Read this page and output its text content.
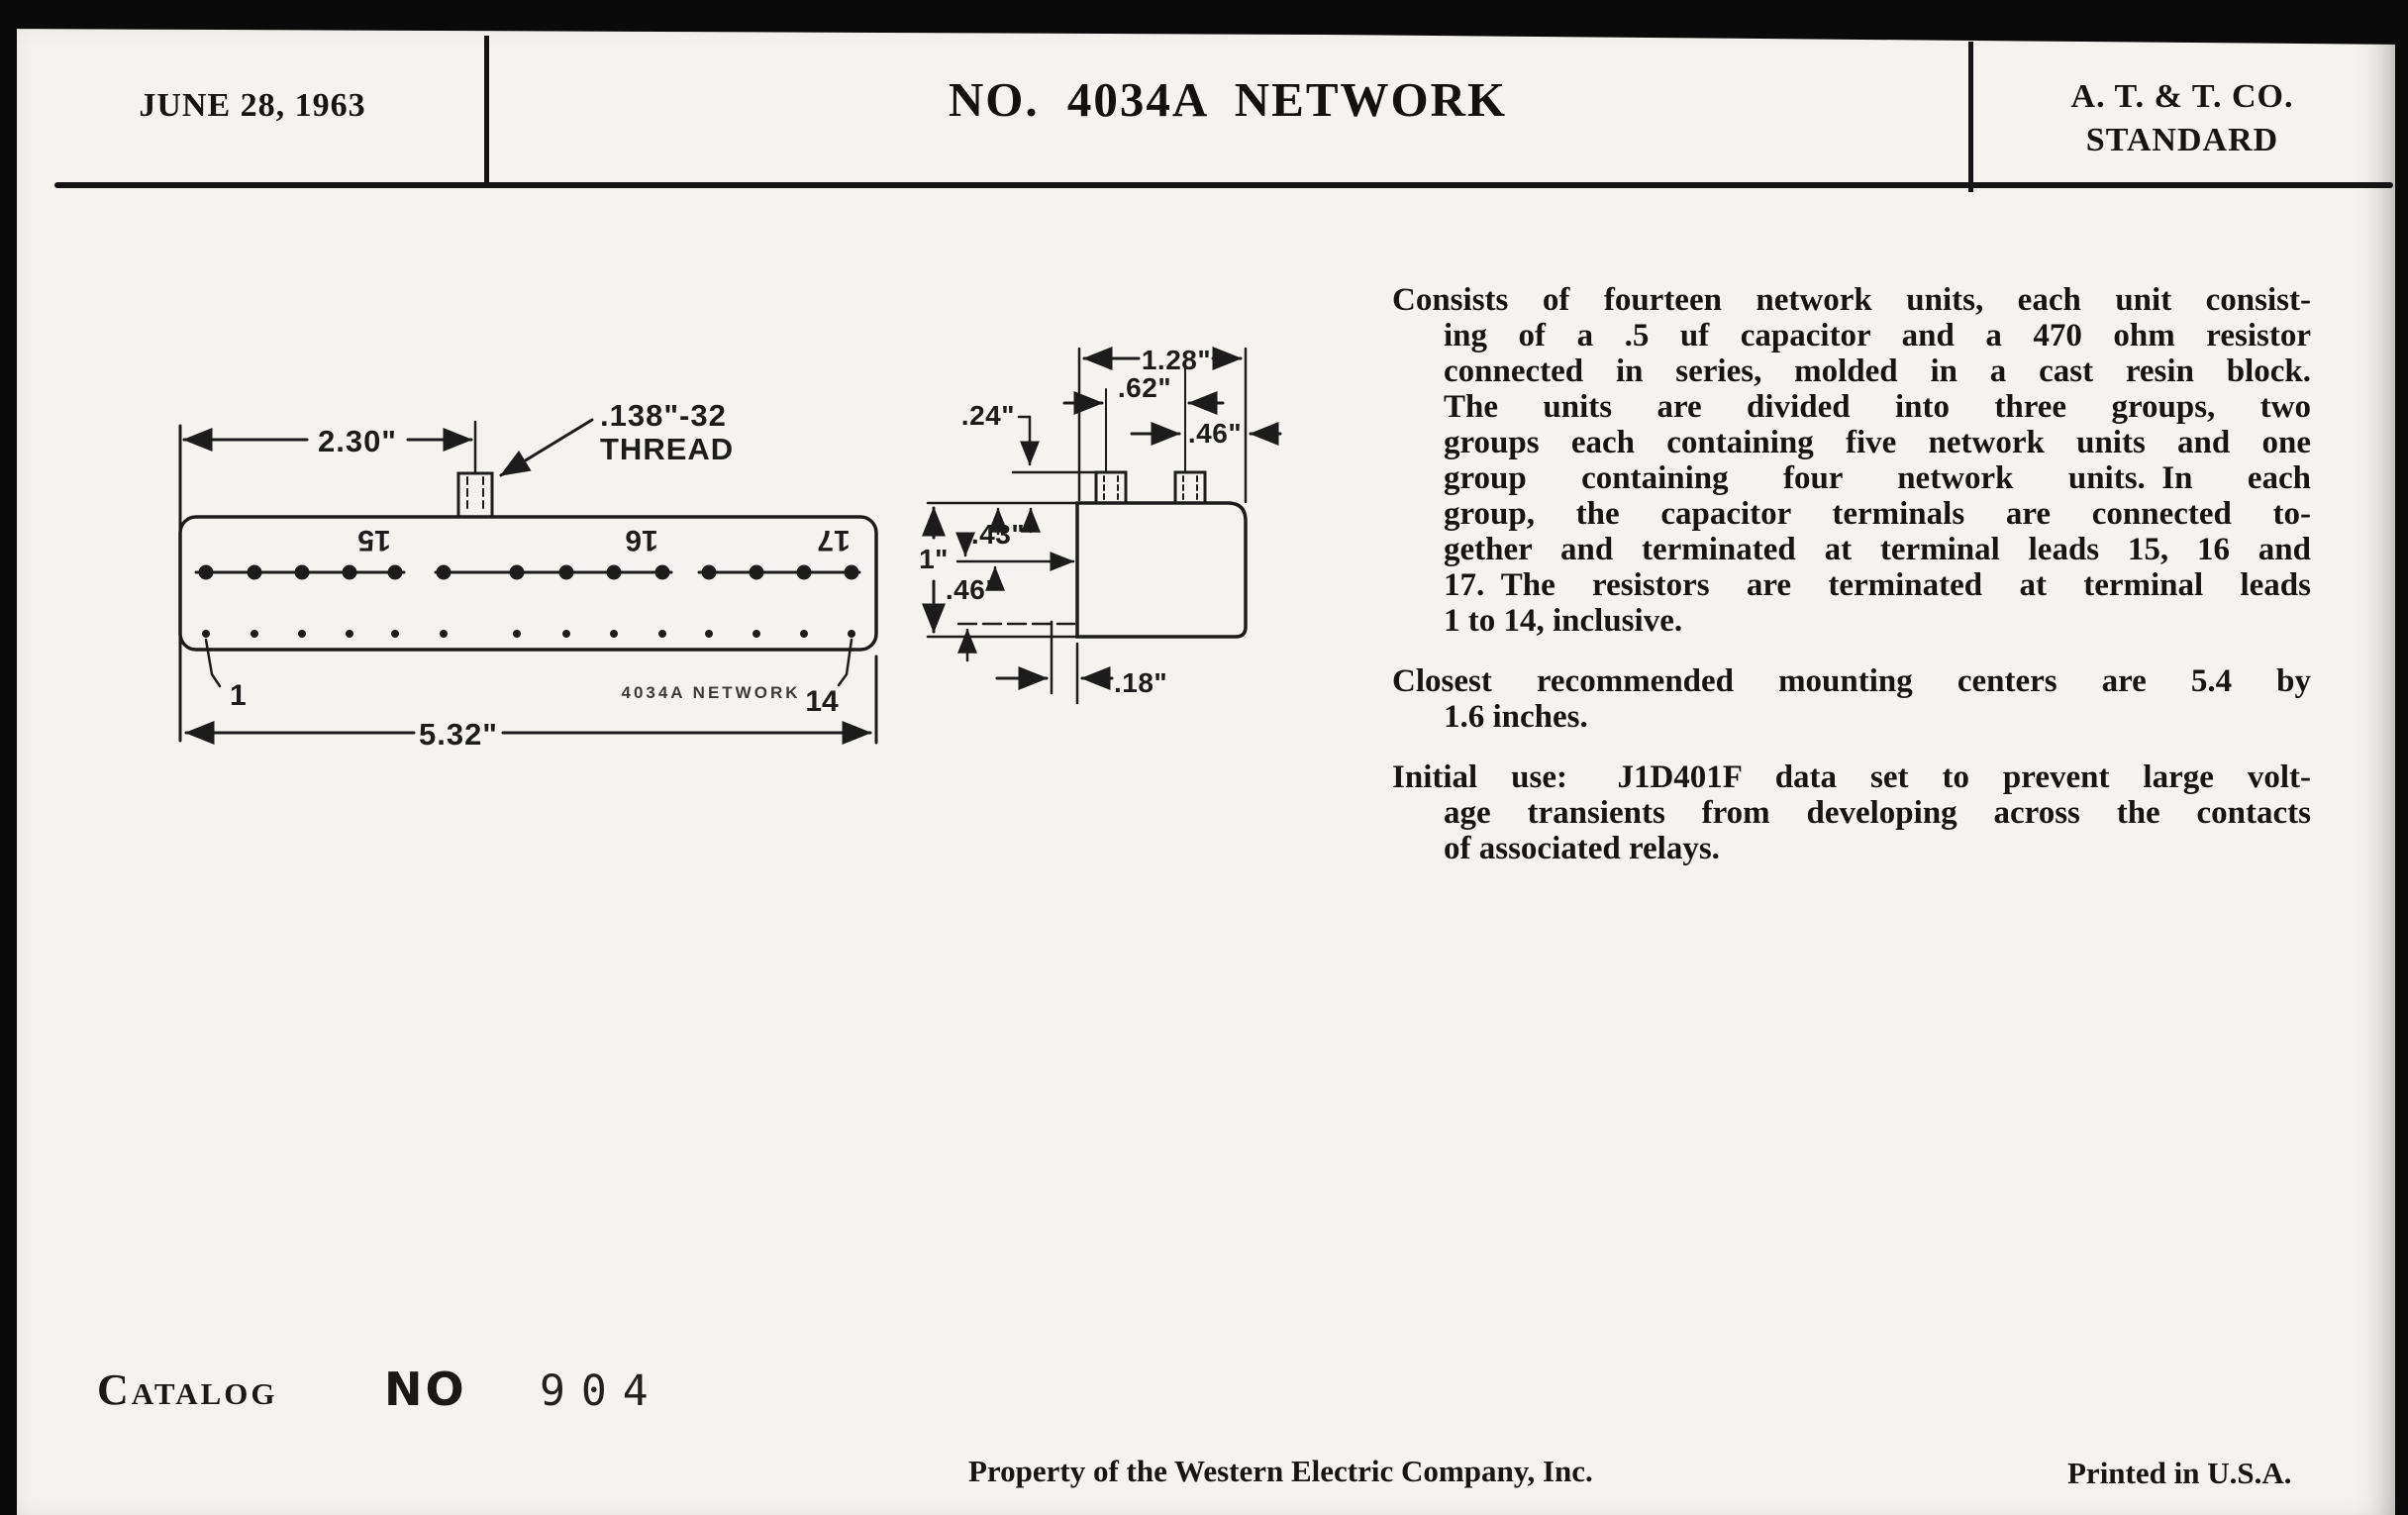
JUNE 28, 1963	NO. 4034A NETWORK	A. T. & T. CO.
STANDARD
2.30"
.138"-32
THREAD
15	16	17
1	14
4034A NETWORK
5.32"
1.28"
.62"
.46"
.24"
1"
.43"
.46"
.18"
Consists of fourteen network units, each unit consist-
ing of a .5 uf capacitor and a 470 ohm resistor
connected in series, molded in a cast resin block.
The units are divided into three groups, two
groups each containing five network units and one
group containing four network units. In each
group, the capacitor terminals are connected to-
gether and terminated at terminal leads 15, 16 and
17. The resistors are terminated at terminal leads
1 to 14, inclusive.
Closest recommended mounting centers are 5.4 by
1.6 inches.
Initial use:  J1D401F data set to prevent large volt-
age transients from developing across the contacts
of associated relays.
Catalog NO 904
Property of the Western Electric Company, Inc.	Printed in U.S.A.
